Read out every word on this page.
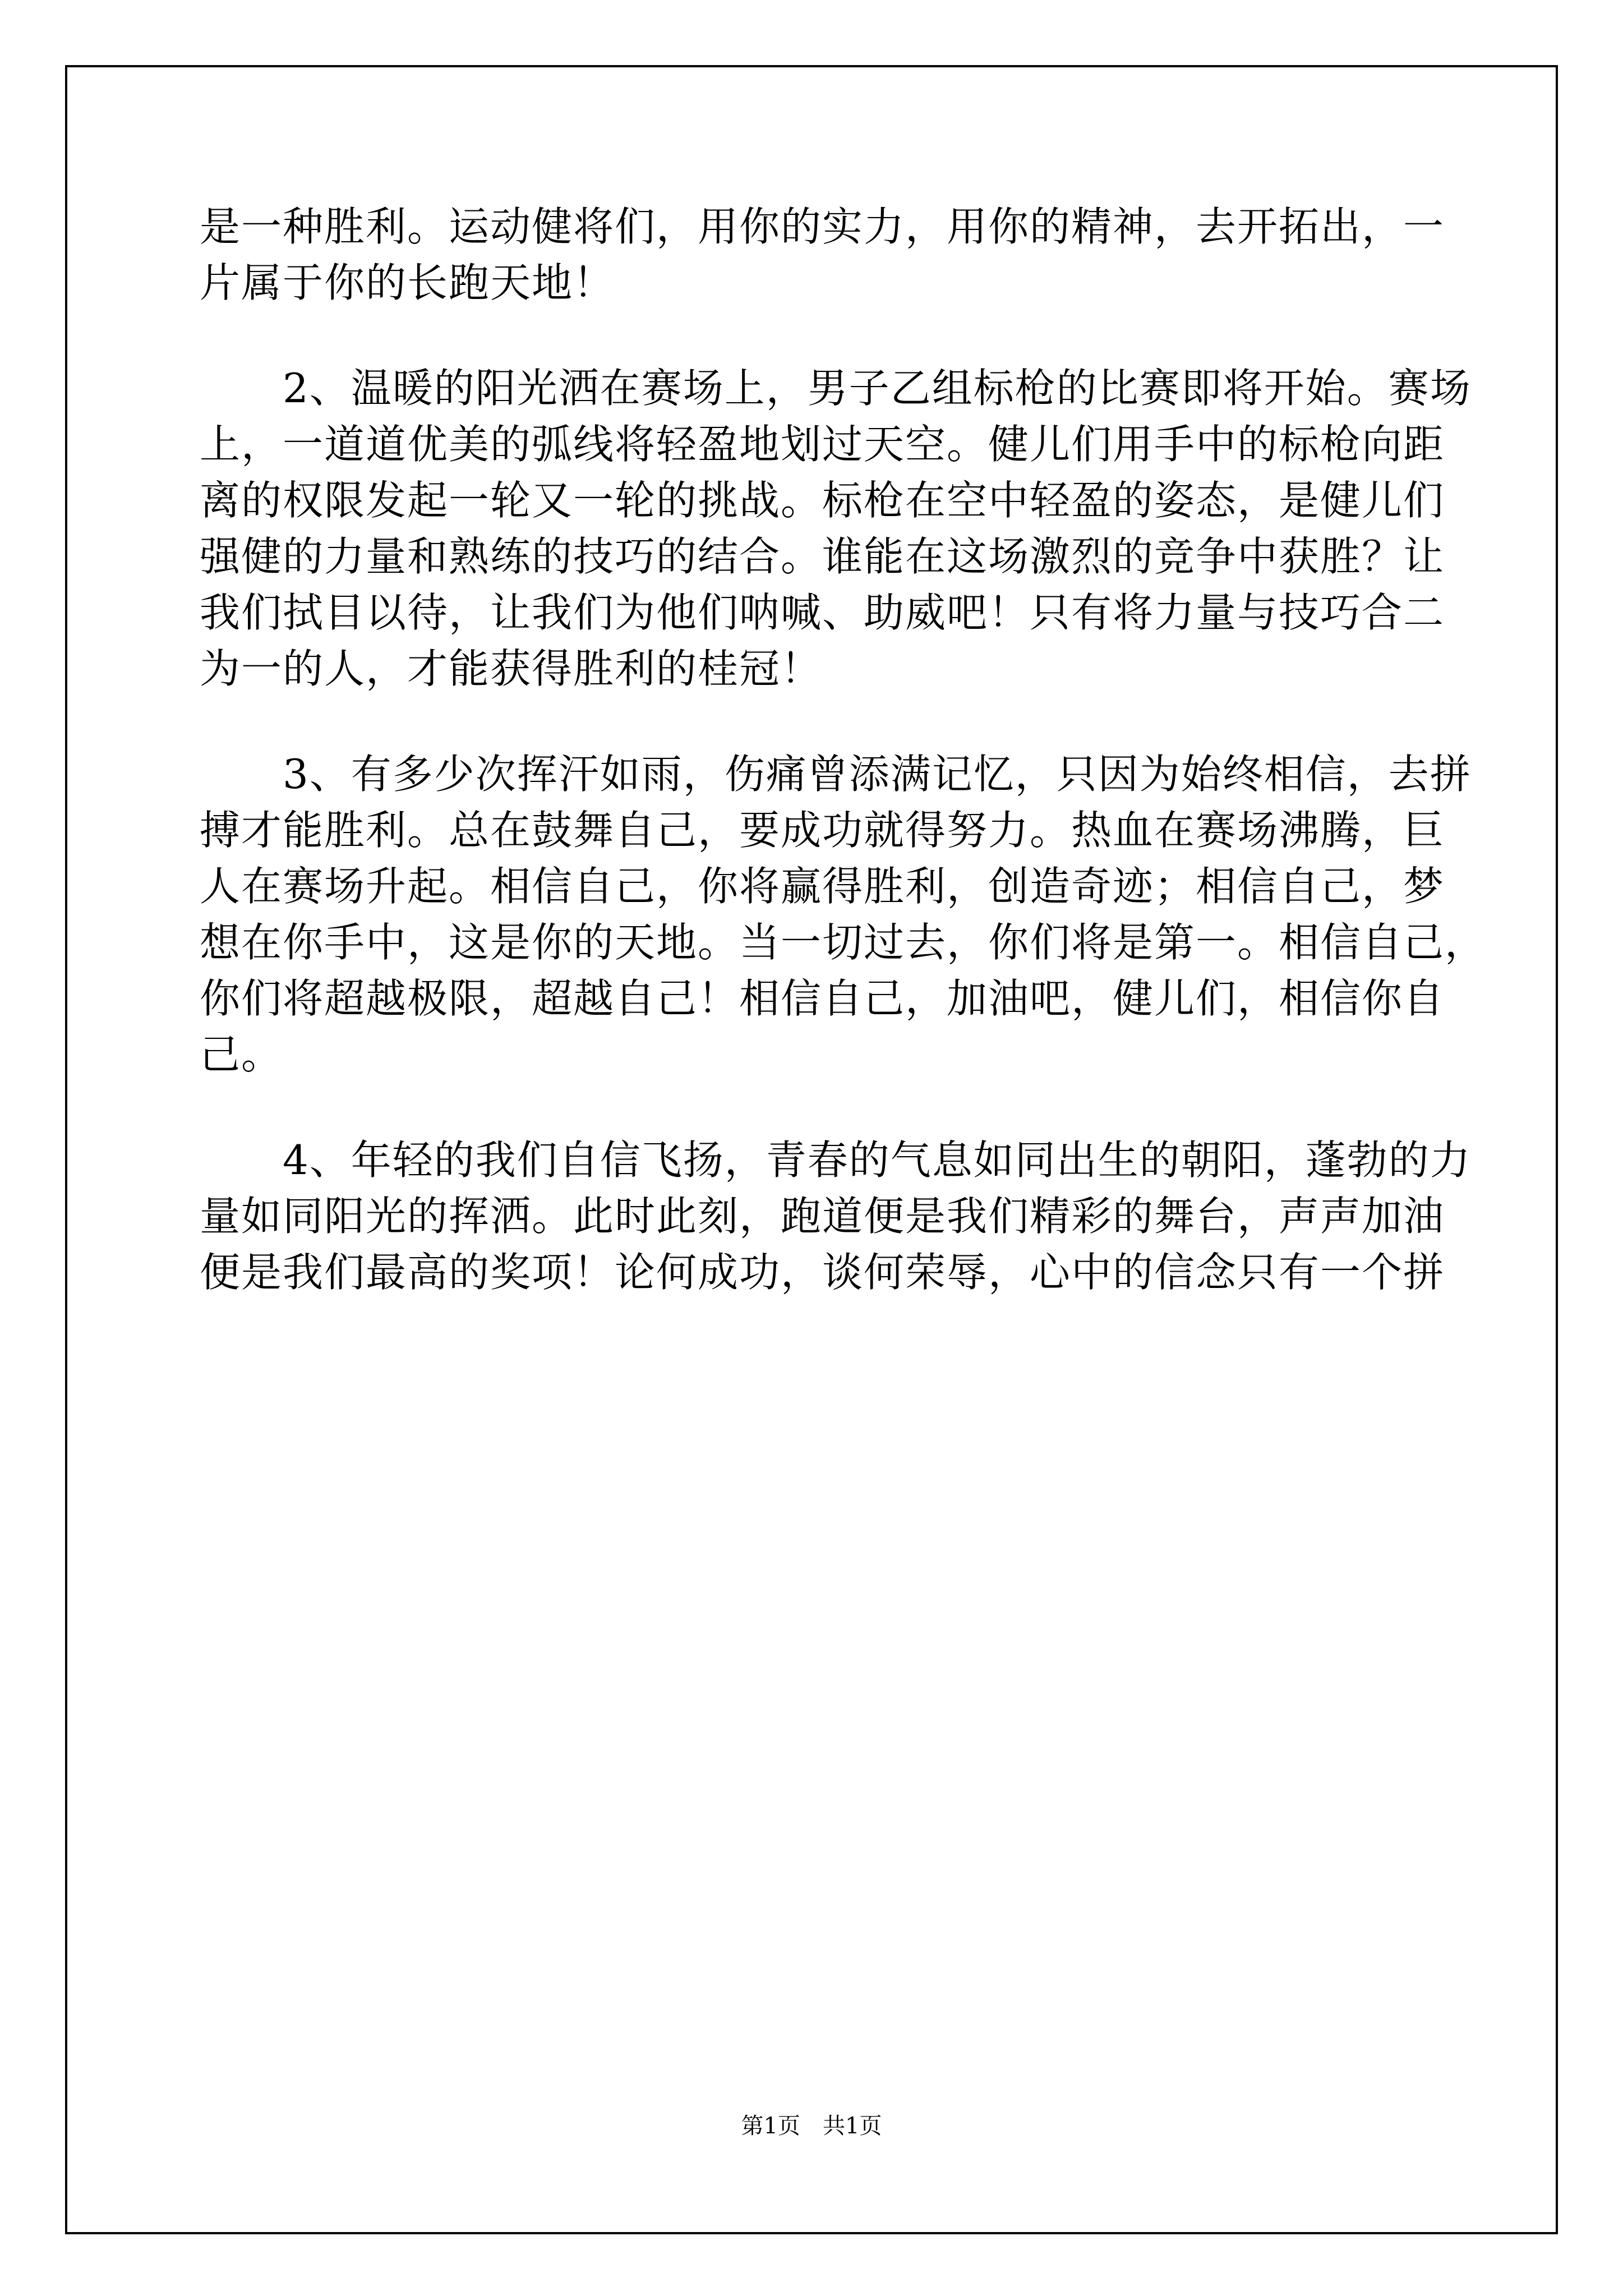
是一种胜利。运动健将们，用你的实力，用你的精神，去开拓出，一
片属于你的长跑天地！
　　2、温暖的阳光洒在赛场上，男子乙组标枪的比赛即将开始。赛场
上，一道道优美的弧线将轻盈地划过天空。健儿们用手中的标枪向距
离的权限发起一轮又一轮的挑战。标枪在空中轻盈的姿态，是健儿们
强健的力量和熟练的技巧的结合。谁能在这场激烈的竞争中获胜？让
我们拭目以待，让我们为他们呐喊、助威吧！只有将力量与技巧合二
为一的人，才能获得胜利的桂冠！
　　3、有多少次挥汗如雨，伤痛曾添满记忆，只因为始终相信，去拼
搏才能胜利。总在鼓舞自己，要成功就得努力。热血在赛场沸腾，巨
人在赛场升起。相信自己，你将赢得胜利，创造奇迹；相信自己，梦
想在你手中，这是你的天地。当一切过去，你们将是第一。相信自己，
你们将超越极限，超越自己！相信自己，加油吧，健儿们，相信你自
己。
　　4、年轻的我们自信飞扬，青春的气息如同出生的朝阳，蓬勃的力
量如同阳光的挥洒。此时此刻，跑道便是我们精彩的舞台，声声加油
便是我们最高的奖项！论何成功，谈何荣辱，心中的信念只有一个拼
第1页　共1页
